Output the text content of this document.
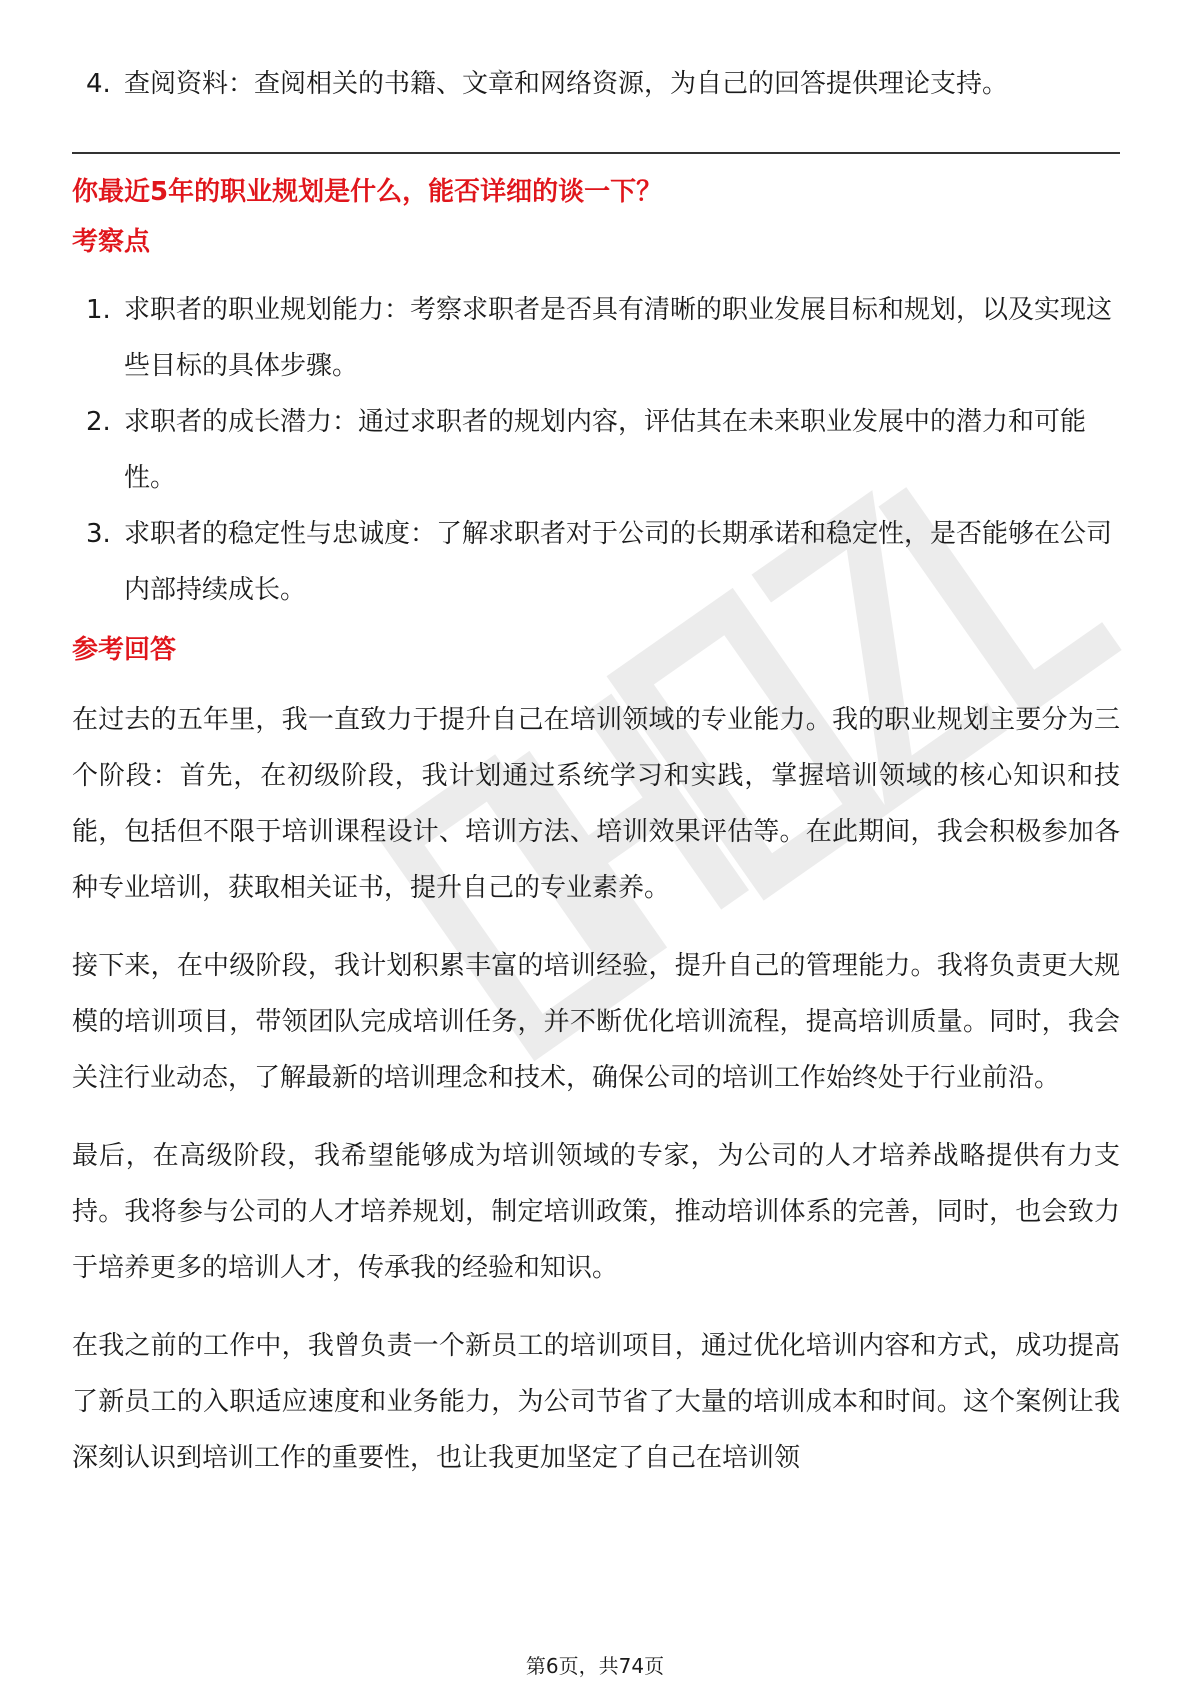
4. 查阅资料：查阅相关的书籍、文章和网络资源，为自己的回答提供理论支持。
你最近5年的职业规划是什么，能否详细的谈一下？
考察点
1. 求职者的职业规划能力：考察求职者是否具有清晰的职业发展目标和规划，以及实现这些目标的具体步骤。
2. 求职者的成长潜力：通过求职者的规划内容，评估其在未来职业发展中的潜力和可能性。
3. 求职者的稳定性与忠诚度：了解求职者对于公司的长期承诺和稳定性，是否能够在公司内部持续成长。
参考回答

在过去的五年里，我一直致力于提升自己在培训领域的专业能力。我的职业规划主要分为三个阶段：首先，在初级阶段，我计划通过系统学习和实践，掌握培训领域的核心知识和技能，包括但不限于培训课程设计、培训方法、培训效果评估等。在此期间，我会积极参加各种专业培训，获取相关证书，提升自己的专业素养。

接下来，在中级阶段，我计划积累丰富的培训经验，提升自己的管理能力。我将负责更大规模的培训项目，带领团队完成培训任务，并不断优化培训流程，提高培训质量。同时，我会关注行业动态，了解最新的培训理念和技术，确保公司的培训工作始终处于行业前沿。

最后，在高级阶段，我希望能够成为培训领域的专家，为公司的人才培养战略提供有力支持。我将参与公司的人才培养规划，制定培训政策，推动培训体系的完善，同时，也会致力于培养更多的培训人才，传承我的经验和知识。

在我之前的工作中，我曾负责一个新员工的培训项目，通过优化培训内容和方式，成功提高了新员工的入职适应速度和业务能力，为公司节省了大量的培训成本和时间。这个案例让我深刻认识到培训工作的重要性，也让我更加坚定了自己在培训领

第6页，共74页
